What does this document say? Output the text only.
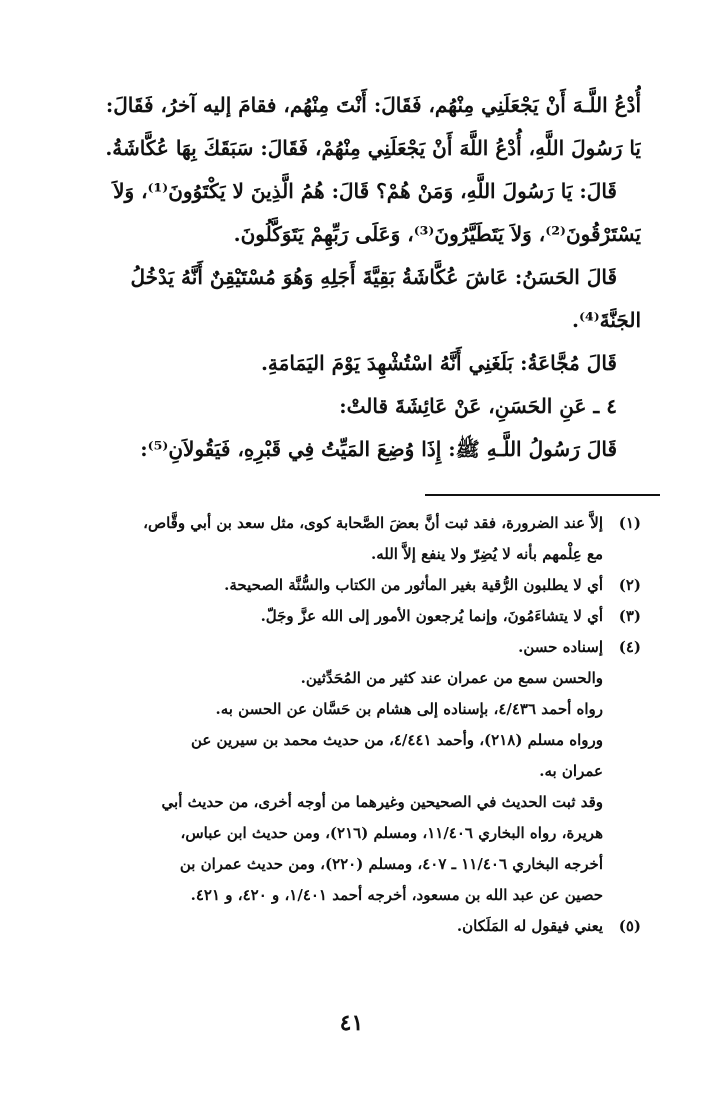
أُدْعُ اللَّـهَ أَنْ يَجْعَلَنِي مِنْهُم، فَقَالَ: أَنْتَ مِنْهُم، فقامَ إليه آخرُ، فَقَالَ:
يَا رَسُولَ اللَّهِ، أُدْعُ اللَّهَ أَنْ يَجْعَلَنِي مِنْهُمْ، فَقَالَ: سَبَقَكَ بِهَا عُكَّاشَةُ.
قَالَ: يَا رَسُولَ اللَّهِ، وَمَنْ هُمْ؟ قَالَ: هُمُ الَّذِينَ لا يَكْتَوُونَ⁽¹⁾، وَلاَ
يَسْتَرْقُونَ⁽²⁾، وَلاَ يَتَطَيَّرُونَ⁽³⁾، وَعَلَى رَبِّهِمْ يَتَوَكَّلُونَ.
قَالَ الحَسَنُ: عَاشَ عُكَّاشَةُ بَقِيَّةَ أَجَلِهِ وَهُوَ مُسْتَيْقِنٌ أَنَّهُ يَدْخُلُ
الجَنَّةَ⁽⁴⁾.
قَالَ مُجَّاعَةُ: بَلَغَنِي أَنَّهُ اسْتُشْهِدَ يَوْمَ اليَمَامَةِ.
٤ ـ عَنِ الحَسَنِ، عَنْ عَائِشَةَ قالتْ:
قَالَ رَسُولُ اللَّـهِ ﷺ: إِذَا وُضِعَ المَيِّتُ فِي قَبْرِهِ، فَيَقُولاَنِ⁽⁵⁾:
(١)إلاَّ عند الضرورة، فقد ثبت أنَّ بعضَ الصَّحابة كوى، مثل سعد بن أبي وقَّاص،
مع عِلْمهم بأنه لا يُضِرّ ولا ينفع إلاَّ الله.
(٢)أي لا يطلبون الرُّقية بغير المأثور من الكتاب والسُّنَّة الصحيحة.
(٣)أي لا يتشاءَمُونَ، وإنما يُرجعون الأمور إلى الله عزَّ وجَلّ.
(٤)إسناده حسن.
والحسن سمع من عمران عند كثير من المُحَدِّثين.
رواه أحمد ٤/٤٣٦، بإسناده إلى هشام بن حَسَّان عن الحسن به.
ورواه مسلم (٢١٨)، وأحمد ٤/٤٤١، من حديث محمد بن سيرين عن
عمران به.
وقد ثبت الحديث في الصحيحين وغيرهما من أوجه أخرى، من حديث أبي
هريرة، رواه البخاري ١١/٤٠٦، ومسلم (٢١٦)، ومن حديث ابن عباس،
أخرجه البخاري ١١/٤٠٦ ـ ٤٠٧، ومسلم (٢٢٠)، ومن حديث عمران بن
حصين عن عبد الله بن مسعود، أخرجه أحمد ١/٤٠١، و ٤٢٠، و ٤٢١.
(٥)يعني فيقول له المَلَكان.
٤١
